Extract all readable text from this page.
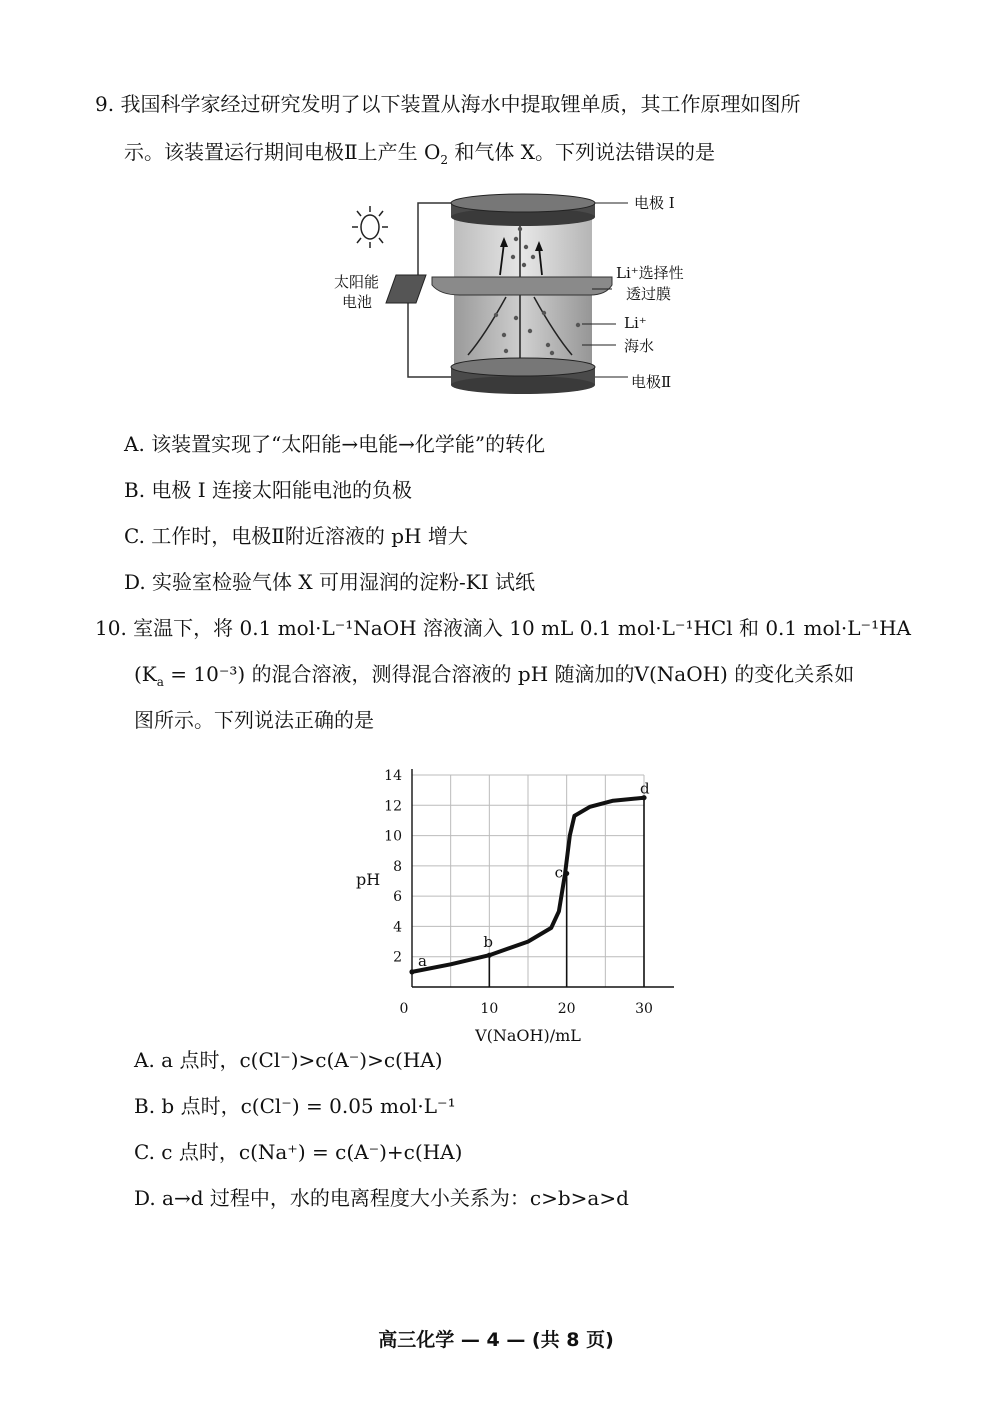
9. 我国科学家经过研究发明了以下装置从海水中提取锂单质，其工作原理如图所
示。该装置运行期间电极Ⅱ上产生 $O_2$ 和气体 X。下列说法错误的是
太阳能
电池
电极 I
Li⁺选择性
透过膜
Li⁺
海水
电极Ⅱ
A. 该装置实现了“太阳能→电能→化学能”的转化
B. 电极 I 连接太阳能电池的负极
C. 工作时，电极Ⅱ附近溶液的 pH 增大
D. 实验室检验气体 X 可用湿润的淀粉-KI 试纸
10. 室温下，将 0.1 mol·L⁻¹NaOH 溶液滴入 10 mL 0.1 mol·L⁻¹HCl 和 0.1 mol·L⁻¹HA
$(K_a = 10^{-3})$ 的混合溶液，测得混合溶液的 pH 随滴加的V(NaOH) 的变化关系如
图所示。下列说法正确的是
2
4
6
8
10
12
14
0	10	20	30
pH
V(NaOH)/mL
a
b
c
d
A. a 点时，c(Cl⁻)>c(A⁻)>c(HA)
B. b 点时，c(Cl⁻) = 0.05 mol·L⁻¹
C. c 点时，c(Na⁺) = c(A⁻)+c(HA)
D. a→d 过程中，水的电离程度大小关系为：c>b>a>d
高三化学 — 4 — (共 8 页)
